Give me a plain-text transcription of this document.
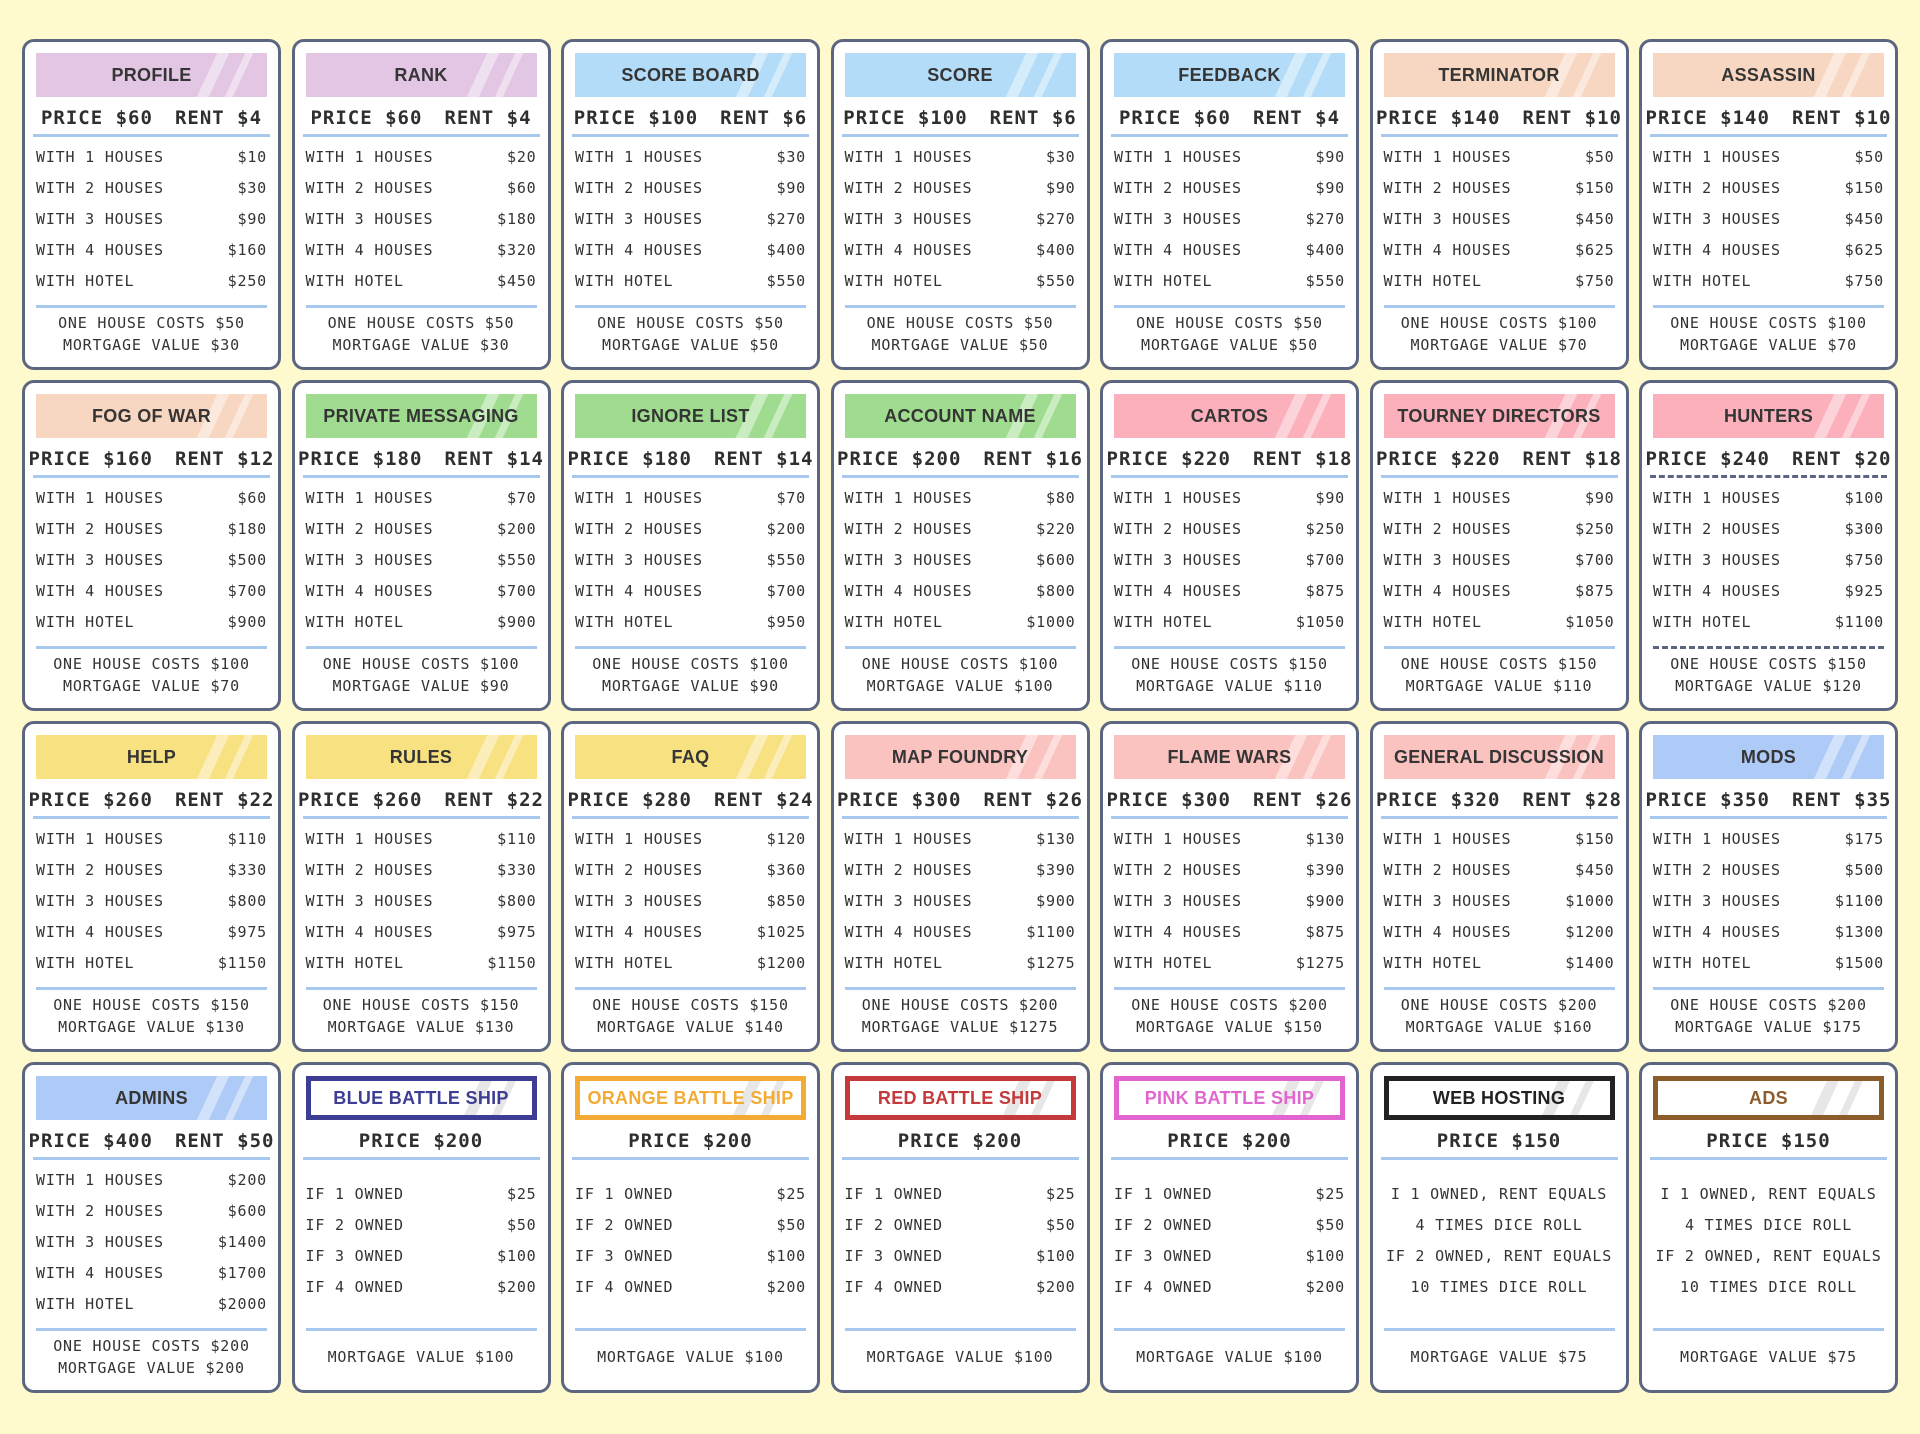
PROFILE
PRICE $60 RENT $4
WITH 1 HOUSES	$10
WITH 2 HOUSES	$30
WITH 3 HOUSES	$90
WITH 4 HOUSES	$160
WITH HOTEL	$250
ONE HOUSE COSTS $50
MORTGAGE VALUE $30
RANK
PRICE $60 RENT $4
WITH 1 HOUSES	$20
WITH 2 HOUSES	$60
WITH 3 HOUSES	$180
WITH 4 HOUSES	$320
WITH HOTEL	$450
ONE HOUSE COSTS $50
MORTGAGE VALUE $30
SCORE BOARD
PRICE $100 RENT $6
WITH 1 HOUSES	$30
WITH 2 HOUSES	$90
WITH 3 HOUSES	$270
WITH 4 HOUSES	$400
WITH HOTEL	$550
ONE HOUSE COSTS $50
MORTGAGE VALUE $50
SCORE
PRICE $100 RENT $6
WITH 1 HOUSES	$30
WITH 2 HOUSES	$90
WITH 3 HOUSES	$270
WITH 4 HOUSES	$400
WITH HOTEL	$550
ONE HOUSE COSTS $50
MORTGAGE VALUE $50
FEEDBACK
PRICE $60 RENT $4
WITH 1 HOUSES	$90
WITH 2 HOUSES	$90
WITH 3 HOUSES	$270
WITH 4 HOUSES	$400
WITH HOTEL	$550
ONE HOUSE COSTS $50
MORTGAGE VALUE $50
TERMINATOR
PRICE $140 RENT $10
WITH 1 HOUSES	$50
WITH 2 HOUSES	$150
WITH 3 HOUSES	$450
WITH 4 HOUSES	$625
WITH HOTEL	$750
ONE HOUSE COSTS $100
MORTGAGE VALUE $70
ASSASSIN
PRICE $140 RENT $10
WITH 1 HOUSES	$50
WITH 2 HOUSES	$150
WITH 3 HOUSES	$450
WITH 4 HOUSES	$625
WITH HOTEL	$750
ONE HOUSE COSTS $100
MORTGAGE VALUE $70
FOG OF WAR
PRICE $160 RENT $12
WITH 1 HOUSES	$60
WITH 2 HOUSES	$180
WITH 3 HOUSES	$500
WITH 4 HOUSES	$700
WITH HOTEL	$900
ONE HOUSE COSTS $100
MORTGAGE VALUE $70
PRIVATE MESSAGING
PRICE $180 RENT $14
WITH 1 HOUSES	$70
WITH 2 HOUSES	$200
WITH 3 HOUSES	$550
WITH 4 HOUSES	$700
WITH HOTEL	$900
ONE HOUSE COSTS $100
MORTGAGE VALUE $90
IGNORE LIST
PRICE $180 RENT $14
WITH 1 HOUSES	$70
WITH 2 HOUSES	$200
WITH 3 HOUSES	$550
WITH 4 HOUSES	$700
WITH HOTEL	$950
ONE HOUSE COSTS $100
MORTGAGE VALUE $90
ACCOUNT NAME
PRICE $200 RENT $16
WITH 1 HOUSES	$80
WITH 2 HOUSES	$220
WITH 3 HOUSES	$600
WITH 4 HOUSES	$800
WITH HOTEL	$1000
ONE HOUSE COSTS $100
MORTGAGE VALUE $100
CARTOS
PRICE $220 RENT $18
WITH 1 HOUSES	$90
WITH 2 HOUSES	$250
WITH 3 HOUSES	$700
WITH 4 HOUSES	$875
WITH HOTEL	$1050
ONE HOUSE COSTS $150
MORTGAGE VALUE $110
TOURNEY DIRECTORS
PRICE $220 RENT $18
WITH 1 HOUSES	$90
WITH 2 HOUSES	$250
WITH 3 HOUSES	$700
WITH 4 HOUSES	$875
WITH HOTEL	$1050
ONE HOUSE COSTS $150
MORTGAGE VALUE $110
HUNTERS
PRICE $240 RENT $20
WITH 1 HOUSES	$100
WITH 2 HOUSES	$300
WITH 3 HOUSES	$750
WITH 4 HOUSES	$925
WITH HOTEL	$1100
ONE HOUSE COSTS $150
MORTGAGE VALUE $120
HELP
PRICE $260 RENT $22
WITH 1 HOUSES	$110
WITH 2 HOUSES	$330
WITH 3 HOUSES	$800
WITH 4 HOUSES	$975
WITH HOTEL	$1150
ONE HOUSE COSTS $150
MORTGAGE VALUE $130
RULES
PRICE $260 RENT $22
WITH 1 HOUSES	$110
WITH 2 HOUSES	$330
WITH 3 HOUSES	$800
WITH 4 HOUSES	$975
WITH HOTEL	$1150
ONE HOUSE COSTS $150
MORTGAGE VALUE $130
FAQ
PRICE $280 RENT $24
WITH 1 HOUSES	$120
WITH 2 HOUSES	$360
WITH 3 HOUSES	$850
WITH 4 HOUSES	$1025
WITH HOTEL	$1200
ONE HOUSE COSTS $150
MORTGAGE VALUE $140
MAP FOUNDRY
PRICE $300 RENT $26
WITH 1 HOUSES	$130
WITH 2 HOUSES	$390
WITH 3 HOUSES	$900
WITH 4 HOUSES	$1100
WITH HOTEL	$1275
ONE HOUSE COSTS $200
MORTGAGE VALUE $1275
FLAME WARS
PRICE $300 RENT $26
WITH 1 HOUSES	$130
WITH 2 HOUSES	$390
WITH 3 HOUSES	$900
WITH 4 HOUSES	$875
WITH HOTEL	$1275
ONE HOUSE COSTS $200
MORTGAGE VALUE $150
GENERAL DISCUSSION
PRICE $320 RENT $28
WITH 1 HOUSES	$150
WITH 2 HOUSES	$450
WITH 3 HOUSES	$1000
WITH 4 HOUSES	$1200
WITH HOTEL	$1400
ONE HOUSE COSTS $200
MORTGAGE VALUE $160
MODS
PRICE $350 RENT $35
WITH 1 HOUSES	$175
WITH 2 HOUSES	$500
WITH 3 HOUSES	$1100
WITH 4 HOUSES	$1300
WITH HOTEL	$1500
ONE HOUSE COSTS $200
MORTGAGE VALUE $175
ADMINS
PRICE $400 RENT $50
WITH 1 HOUSES	$200
WITH 2 HOUSES	$600
WITH 3 HOUSES	$1400
WITH 4 HOUSES	$1700
WITH HOTEL	$2000
ONE HOUSE COSTS $200
MORTGAGE VALUE $200
BLUE BATTLE SHIP
PRICE $200
IF 1 OWNED	$25
IF 2 OWNED	$50
IF 3 OWNED	$100
IF 4 OWNED	$200
MORTGAGE VALUE $100
ORANGE BATTLE SHIP
PRICE $200
IF 1 OWNED	$25
IF 2 OWNED	$50
IF 3 OWNED	$100
IF 4 OWNED	$200
MORTGAGE VALUE $100
RED BATTLE SHIP
PRICE $200
IF 1 OWNED	$25
IF 2 OWNED	$50
IF 3 OWNED	$100
IF 4 OWNED	$200
MORTGAGE VALUE $100
PINK BATTLE SHIP
PRICE $200
IF 1 OWNED	$25
IF 2 OWNED	$50
IF 3 OWNED	$100
IF 4 OWNED	$200
MORTGAGE VALUE $100
WEB HOSTING
PRICE $150
I 1 OWNED, RENT EQUALS
4 TIMES DICE ROLL
IF 2 OWNED, RENT EQUALS
10 TIMES DICE ROLL
MORTGAGE VALUE $75
ADS
PRICE $150
I 1 OWNED, RENT EQUALS
4 TIMES DICE ROLL
IF 2 OWNED, RENT EQUALS
10 TIMES DICE ROLL
MORTGAGE VALUE $75
